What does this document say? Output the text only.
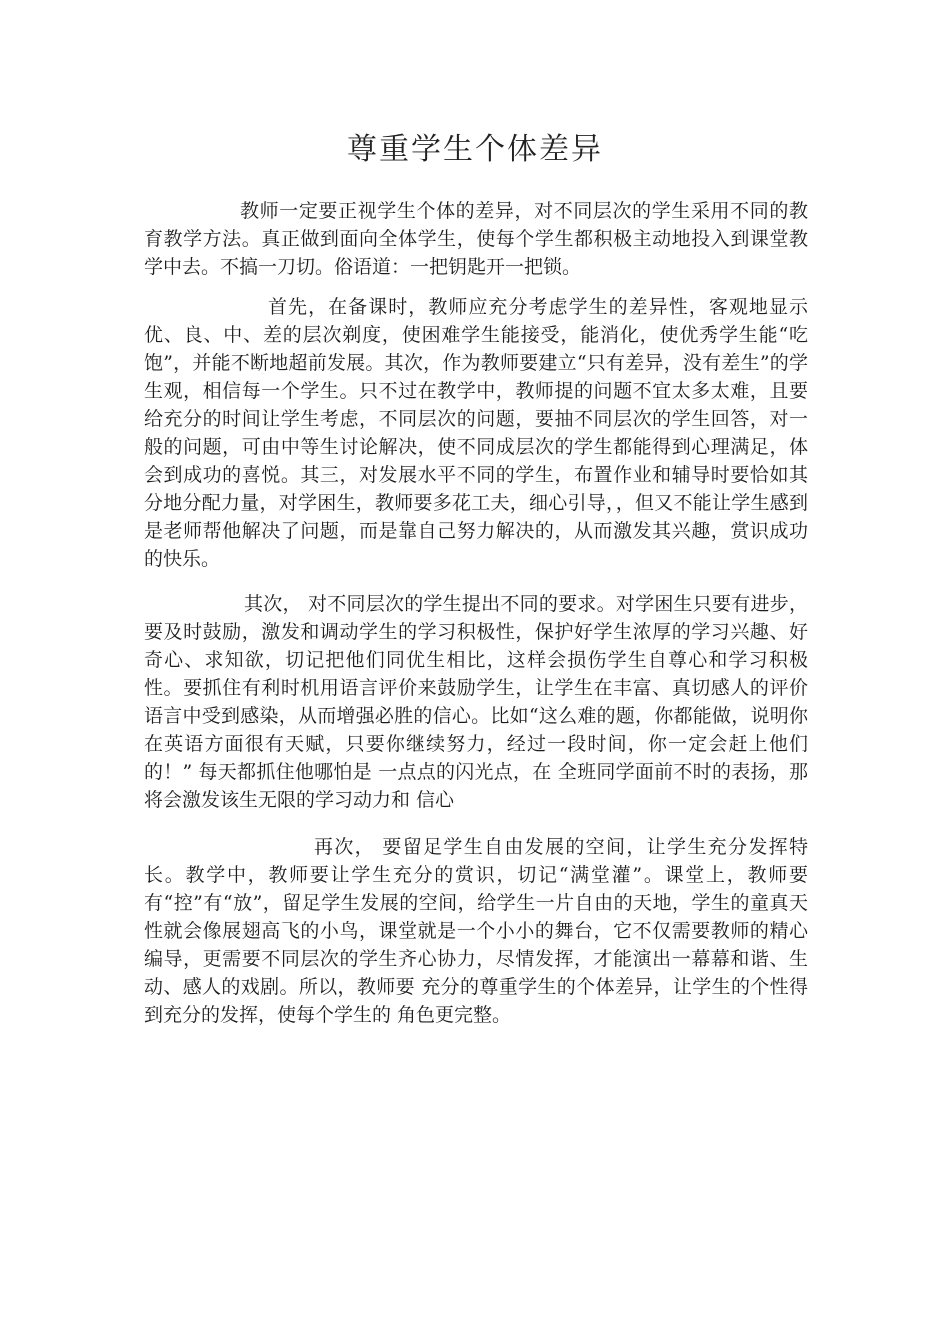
尊重学生个体差异

教师一定要正视学生个体的差异，对不同层次的学生采用不同的教育教学方法。真正做到面向全体学生，使每个学生都积极主动地投入到课堂教学中去。不搞一刀切。俗语道：一把钥匙开一把锁。

首先，在备课时，教师应充分考虑学生的差异性，客观地显示优、良、中、差的层次剃度，使困难学生能接受，能消化，使优秀学生能“吃饱”，并能不断地超前发展。其次，作为教师要建立“只有差异，没有差生”的学生观，相信每一个学生。只不过在教学中，教师提的问题不宜太多太难，且要给充分的时间让学生考虑，不同层次的问题，要抽不同层次的学生回答，对一般的问题，可由中等生讨论解决，使不同成层次的学生都能得到心理满足，体会到成功的喜悦。其三，对发展水平不同的学生，布置作业和辅导时要恰如其分地分配力量，对学困生，教师要多花工夫，细心引导，，但又不能让学生感到是老师帮他解决了问题，而是靠自己努力解决的，从而激发其兴趣，赏识成功的快乐。

其次， 对不同层次的学生提出不同的要求。对学困生只要有进步，要及时鼓励，激发和调动学生的学习积极性，保护好学生浓厚的学习兴趣、好奇心、求知欲，切记把他们同优生相比，这样会损伤学生自尊心和学习积极性。要抓住有利时机用语言评价来鼓励学生，让学生在丰富、真切感人的评价语言中受到感染，从而增强必胜的信心。比如“这么难的题，你都能做，说明你在英语方面很有天赋，只要你继续努力，经过一段时间，你一定会赶上他们的！” 每天都抓住他哪怕是 一点点的闪光点，在 全班同学面前不时的表扬，那 将会激发该生无限的学习动力和 信心

再次， 要留足学生自由发展的空间，让学生充分发挥特长。教学中，教师要让学生充分的赏识，切记“满堂灌”。课堂上，教师要有“控”有“放”，留足学生发展的空间，给学生一片自由的天地，学生的童真天性就会像展翅高飞的小鸟，课堂就是一个小小的舞台，它不仅需要教师的精心编导，更需要不同层次的学生齐心协力，尽情发挥，才能演出一幕幕和谐、生动、感人的戏剧。所以，教师要 充分的尊重学生的个体差异，让学生的个性得到充分的发挥，使每个学生的 角色更完整。
